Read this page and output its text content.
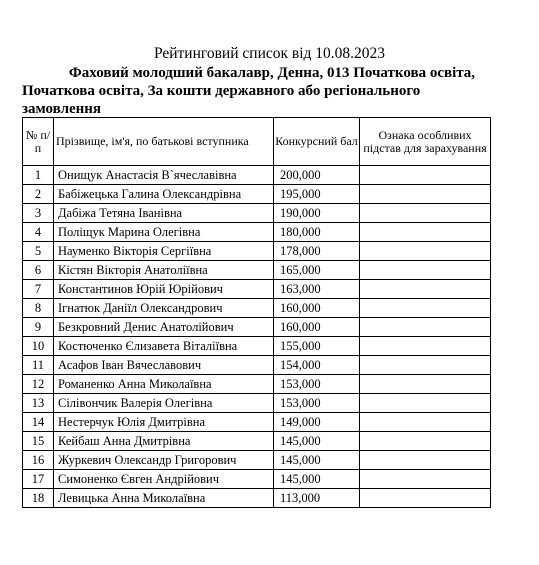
Рейтинговий список від 10.08.2023
Фаховий молодший бакалавр, Денна, 013 Початкова освіта,
Початкова освіта, За кошти державного або регіонального
замовлення
№ п/п	Прізвище, ім'я, по батькові вступника	Конкурсний бал	Ознака особливих підстав для зарахування
1	Онищук Анастасія В`ячеславівна	200,000	
2	Бабіжецька Галина Олександрівна	195,000	
3	Дабіжа Тетяна Іванівна	190,000	
4	Поліщук Марина Олегівна	180,000	
5	Науменко Вікторія Сергіївна	178,000	
6	Кістян Вікторія Анатоліївна	165,000	
7	Константинов Юрій Юрійович	163,000	
8	Ігнатюк Даніїл Олександрович	160,000	
9	Безкровний Денис Анатолійович	160,000	
10	Костюченко Єлизавета Віталіївна	155,000	
11	Асафов Іван Вячеславович	154,000	
12	Романенко Анна Миколаївна	153,000	
13	Сілівончик Валерія Олегівна	153,000	
14	Нестерчук Юлія Дмитрівна	149,000	
15	Кейбаш Анна Дмитрівна	145,000	
16	Журкевич Олександр Григорович	145,000	
17	Симоненко Євген Андрійович	145,000	
18	Левицька Анна Миколаївна	113,000	
